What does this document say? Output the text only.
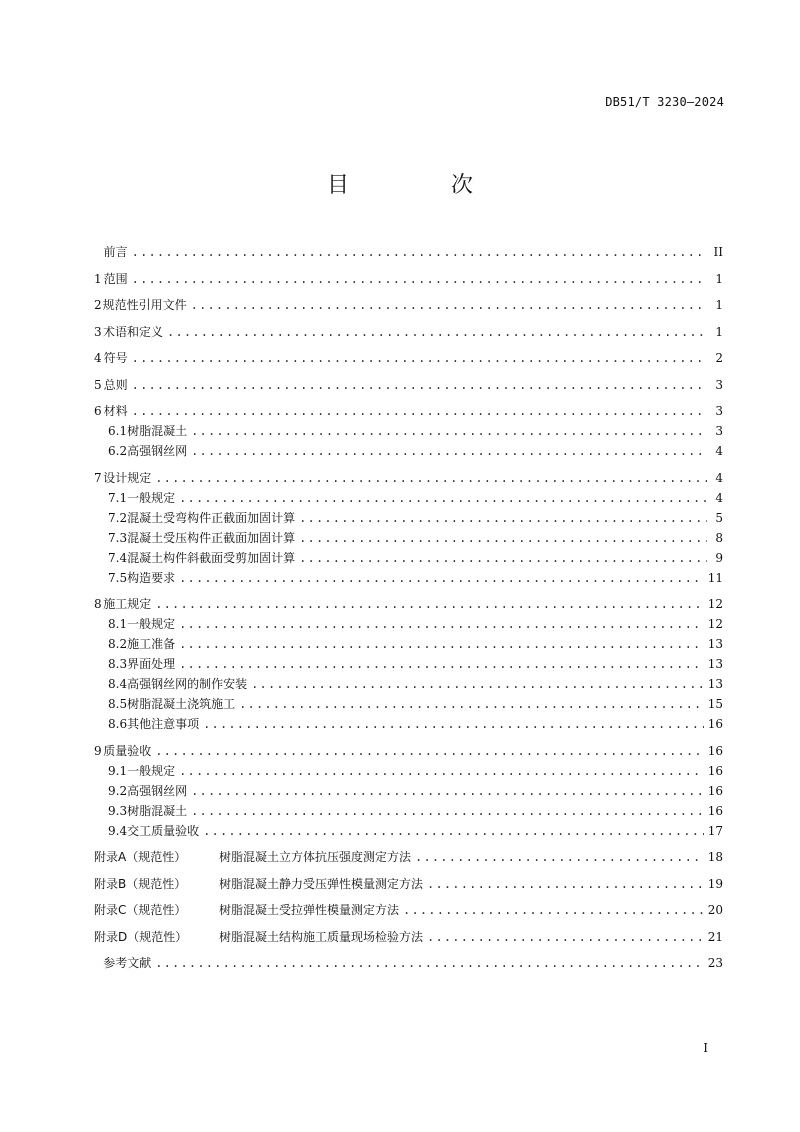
DB51/T 3230—2024
目　次
前言 .....	II
1 范围 .....	1
2 规范性引用文件 .....	1
3 术语和定义 .....	1
4 符号 .....	2
5 总则 .....	3
6 材料 .....	3
6.1 树脂混凝土 .....	3
6.2 高强钢丝网 .....	4
7 设计规定 .....	4
7.1 一般规定 .....	4
7.2 混凝土受弯构件正截面加固计算 .....	5
7.3 混凝土受压构件正截面加固计算 .....	8
7.4 混凝土构件斜截面受剪加固计算 .....	9
7.5 构造要求 .....	11
8 施工规定 .....	12
8.1 一般规定 .....	12
8.2 施工准备 .....	13
8.3 界面处理 .....	13
8.4 高强钢丝网的制作安装 .....	13
8.5 树脂混凝土浇筑施工 .....	15
8.6 其他注意事项 .....	16
9 质量验收 .....	16
9.1 一般规定 .....	16
9.2 高强钢丝网 .....	16
9.3 树脂混凝土 .....	16
9.4 交工质量验收 .....	17
附录A（规范性）	树脂混凝土立方体抗压强度测定方法 .....	18
附录B（规范性）	树脂混凝土静力受压弹性模量测定方法 .....	19
附录C（规范性）	树脂混凝土受拉弹性模量测定方法 .....	20
附录D（规范性）	树脂混凝土结构施工质量现场检验方法 .....	21
参考文献 .....	23
I
